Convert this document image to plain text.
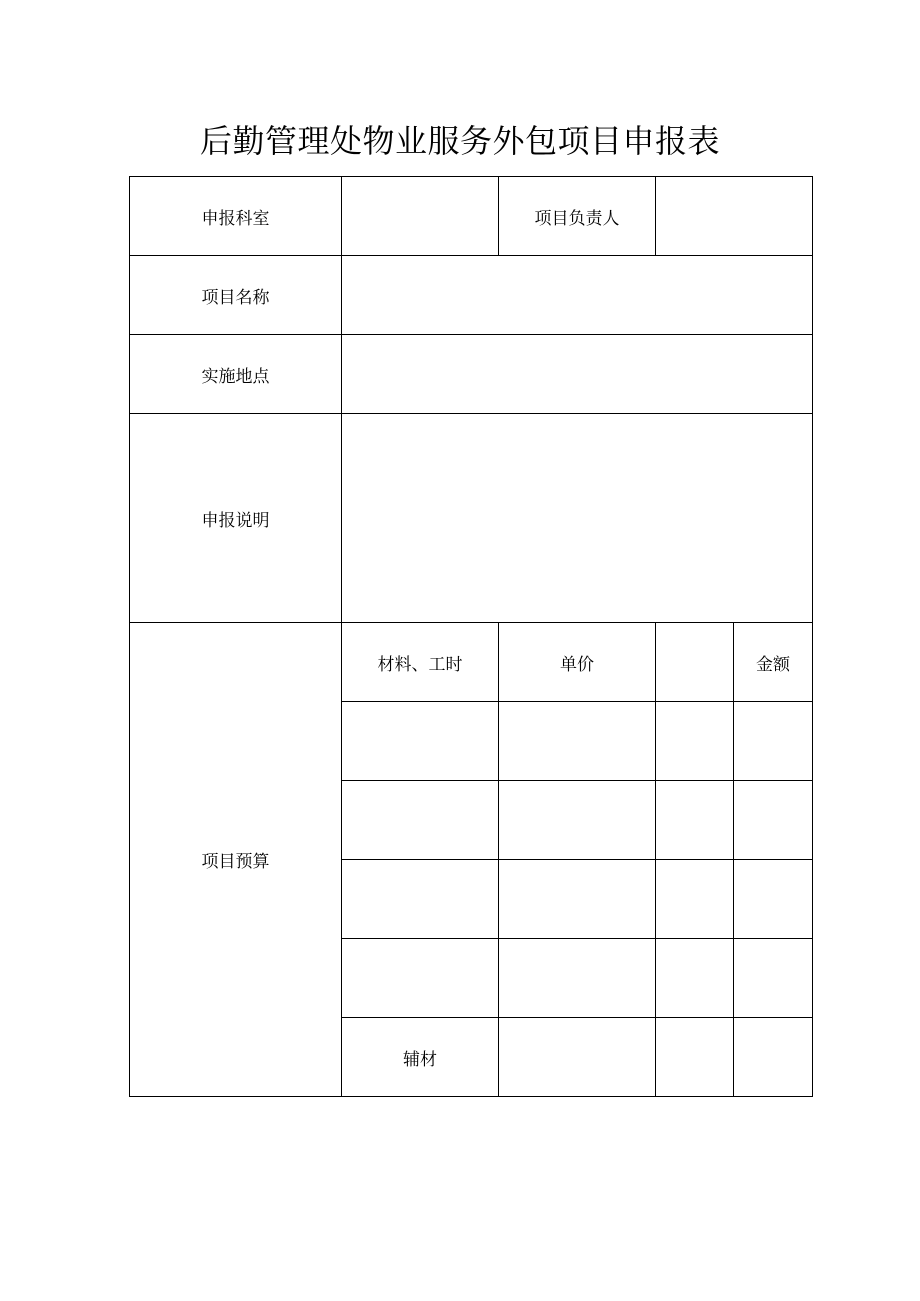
后勤管理处物业服务外包项目申报表
申报科室		项目负责人		
项目名称				
实施地点				
申报说明				
项目预算	材料、工时	单价		金额

	辅材			
